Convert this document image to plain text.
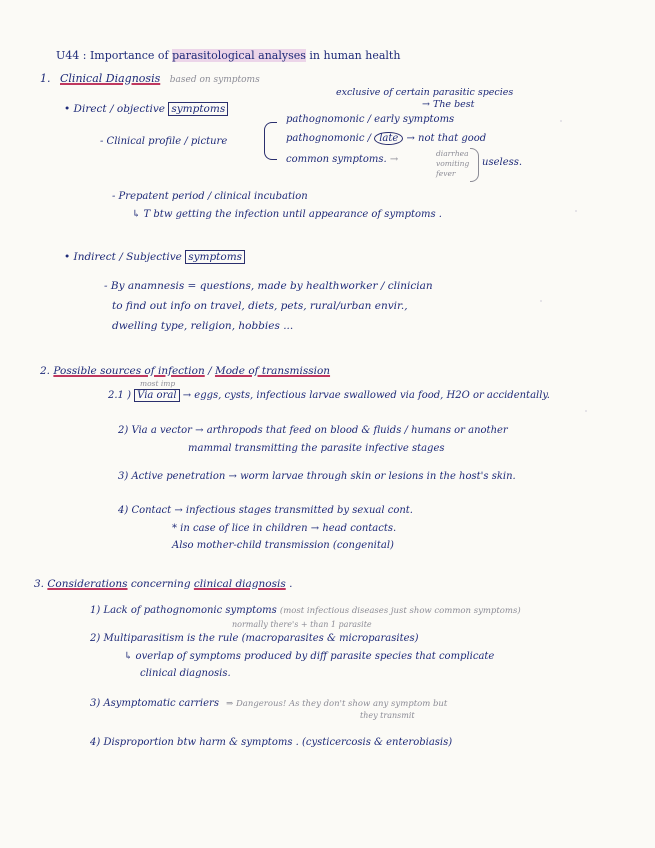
U44 : Importance of parasitological analyses in human health
1. Clinical Diagnosis based on symptoms
• Direct / objective symptoms
exclusive of certain parasitic species
→ The best
- Clinical profile / picture
pathognomonic / early symptoms
pathognomonic / late → not that good
common symptoms. →
diarrhea
vomiting
fever
useless.
- Prepatent period / clinical incubation
↳ T btw getting the infection until appearance of symptoms .
• Indirect / Subjective symptoms
- By anamnesis = questions, made by healthworker / clinician
to find out info on travel, diets, pets, rural/urban envir.,
dwelling type, religion, hobbies ...
2. Possible sources of infection / Mode of transmission
most imp
2.1 ) Via oral → eggs, cysts, infectious larvae swallowed via food, H2O or accidentally.
2) Via a vector → arthropods that feed on blood & fluids / humans or another
mammal transmitting the parasite infective stages
3) Active penetration → worm larvae through skin or lesions in the host's skin.
4) Contact → infectious stages transmitted by sexual cont.
* in case of lice in children → head contacts.
Also mother-child transmission (congenital)
3. Considerations concerning clinical diagnosis .
1) Lack of pathognomonic symptoms (most infectious diseases just show common symptoms)
normally there's + than 1 parasite
2) Multiparasitism is the rule (macroparasites & microparasites)
↳ overlap of symptoms produced by diff parasite species that complicate
clinical diagnosis.
3) Asymptomatic carriers ⇒ Dangerous! As they don't show any symptom but
they transmit
4) Disproportion btw harm & symptoms . (cysticercosis & enterobiasis)
